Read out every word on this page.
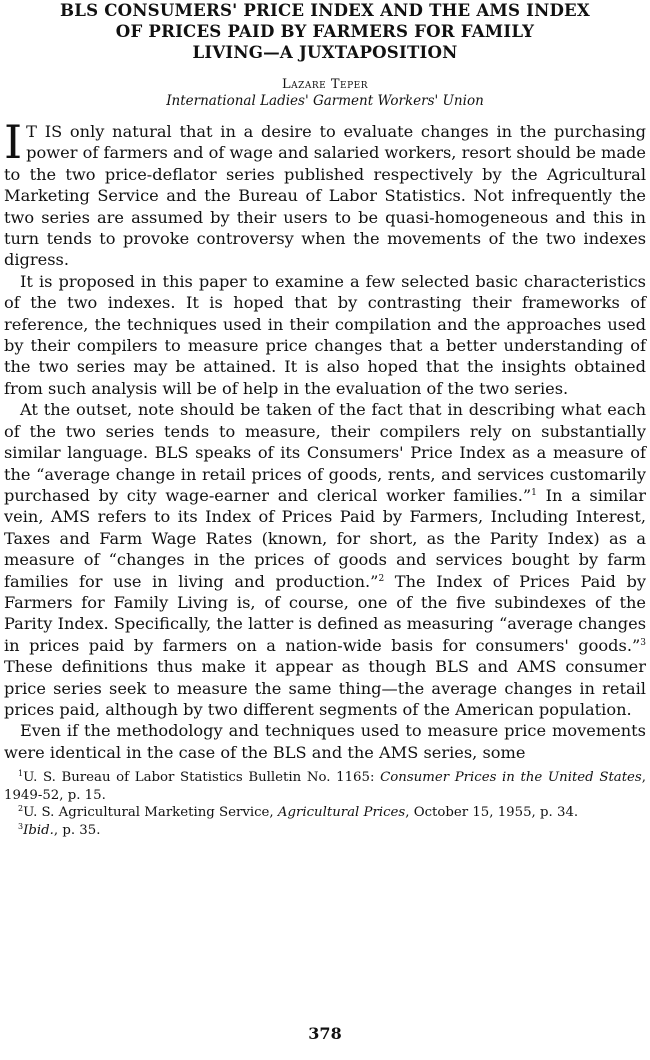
BLS CONSUMERS' PRICE INDEX AND THE AMS INDEX
OF PRICES PAID BY FARMERS FOR FAMILY
LIVING—A JUXTAPOSITION
Lazare Teper
International Ladies' Garment Workers' Union

I T IS only natural that in a desire to evaluate changes in the purchasing power of farmers and of wage and salaried workers, resort should be made to the two price-deflator series published respectively by the Agricultural Marketing Service and the Bureau of Labor Statistics. Not infrequently the two series are assumed by their users to be quasi-homogeneous and this in turn tends to provoke controversy when the movements of the two indexes digress.

It is proposed in this paper to examine a few selected basic characteristics of the two indexes. It is hoped that by contrasting their frameworks of reference, the techniques used in their compilation and the approaches used by their compilers to measure price changes that a better understanding of the two series may be attained. It is also hoped that the insights obtained from such analysis will be of help in the evaluation of the two series.

At the outset, note should be taken of the fact that in describing what each of the two series tends to measure, their compilers rely on substantially similar language. BLS speaks of its Consumers' Price Index as a measure of the “average change in retail prices of goods, rents, and services customarily purchased by city wage-earner and clerical worker families.”$^1$ In a similar vein, AMS refers to its Index of Prices Paid by Farmers, Including Interest, Taxes and Farm Wage Rates (known, for short, as the Parity Index) as a measure of “changes in the prices of goods and services bought by farm families for use in living and production.”$^2$ The Index of Prices Paid by Farmers for Family Living is, of course, one of the five subindexes of the Parity Index. Specifically, the latter is defined as measuring “average changes in prices paid by farmers on a nation-wide basis for consumers' goods.”$^3$ These definitions thus make it appear as though BLS and AMS consumer price series seek to measure the same thing—the average changes in retail prices paid, although by two different segments of the American population.

Even if the methodology and techniques used to measure price movements were identical in the case of the BLS and the AMS series, some

$^1$U. S. Bureau of Labor Statistics Bulletin No. 1165: Consumer Prices in the United States, 1949-52, p. 15.

$^2$U. S. Agricultural Marketing Service, Agricultural Prices, October 15, 1955, p. 34.

$^3$Ibid., p. 35.

378
